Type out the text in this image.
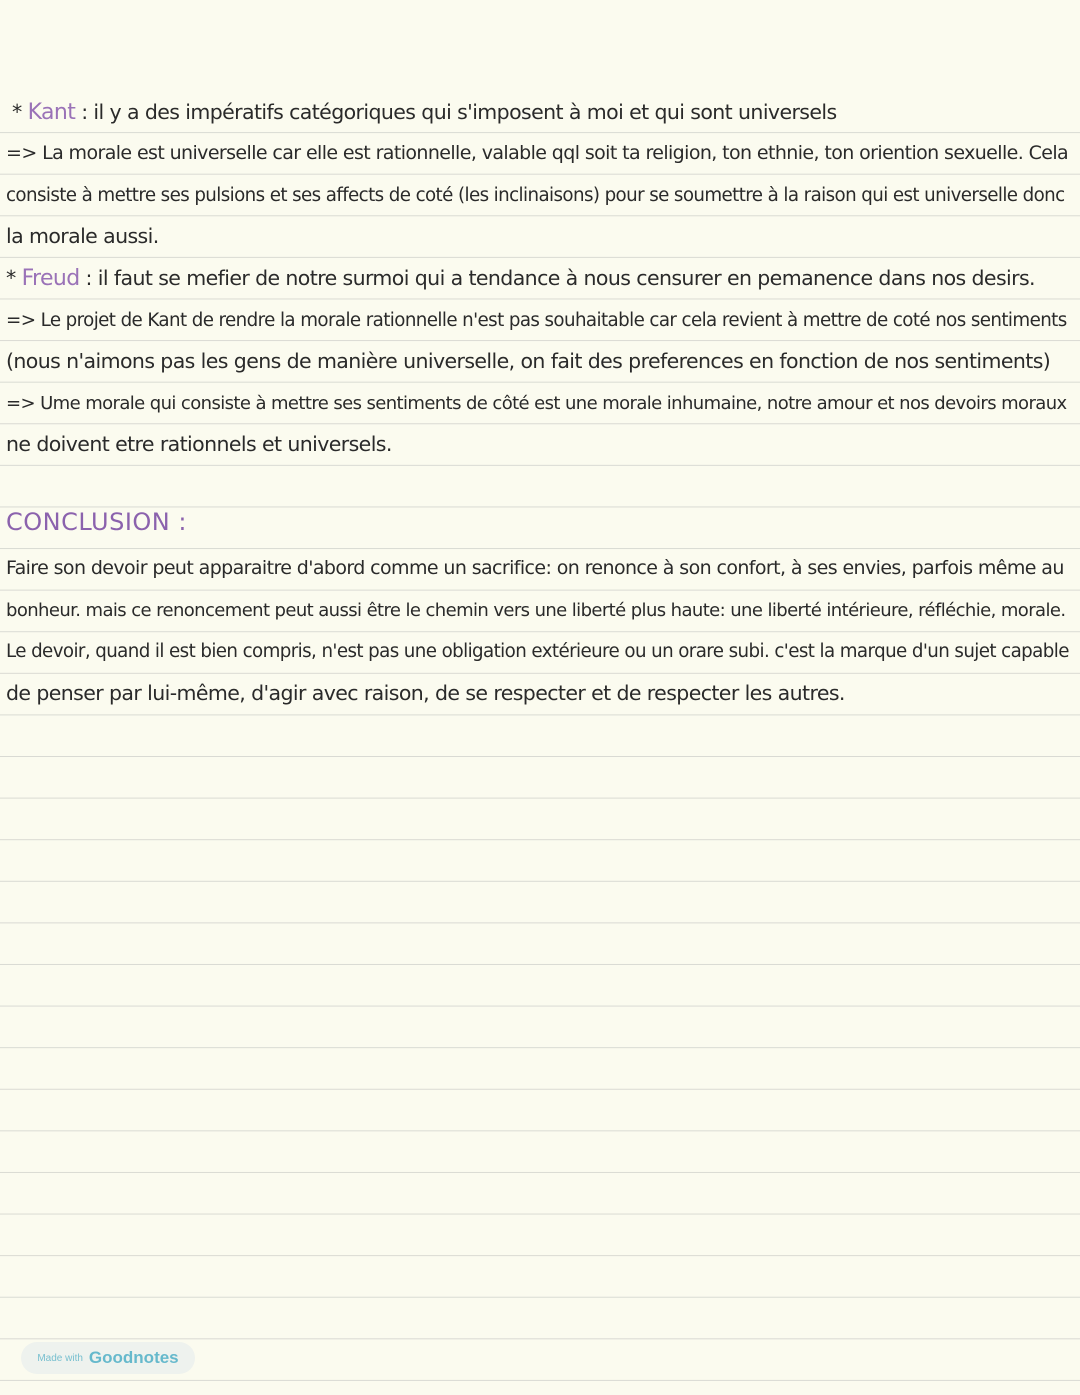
* Kant : il y a des impératifs catégoriques qui s'imposent à moi et qui sont universels
=> La morale est universelle car elle est rationnelle, valable qql soit ta religion, ton ethnie, ton oriention sexuelle. Cela
consiste à mettre ses pulsions et ses affects de coté (les inclinaisons) pour se soumettre à la raison qui est universelle donc
la morale aussi.
* Freud : il faut se mefier de notre surmoi qui a tendance à nous censurer en pemanence dans nos desirs.
=> Le projet de Kant de rendre la morale rationnelle n'est pas souhaitable car cela revient à mettre de coté nos sentiments
(nous n'aimons pas les gens de manière universelle, on fait des preferences en fonction de nos sentiments)
=> Ume morale qui consiste à mettre ses sentiments de côté est une morale inhumaine, notre amour et nos devoirs moraux
ne doivent etre rationnels et universels.
CONCLUSION :
Faire son devoir peut apparaitre d'abord comme un sacrifice: on renonce à son confort, à ses envies, parfois même au
bonheur. mais ce renoncement peut aussi être le chemin vers une liberté plus haute: une liberté intérieure, réfléchie, morale.
Le devoir, quand il est bien compris, n'est pas une obligation extérieure ou un orare subi. c'est la marque d'un sujet capable
de penser par lui-même, d'agir avec raison, de se respecter et de respecter les autres.
Made with Goodnotes
